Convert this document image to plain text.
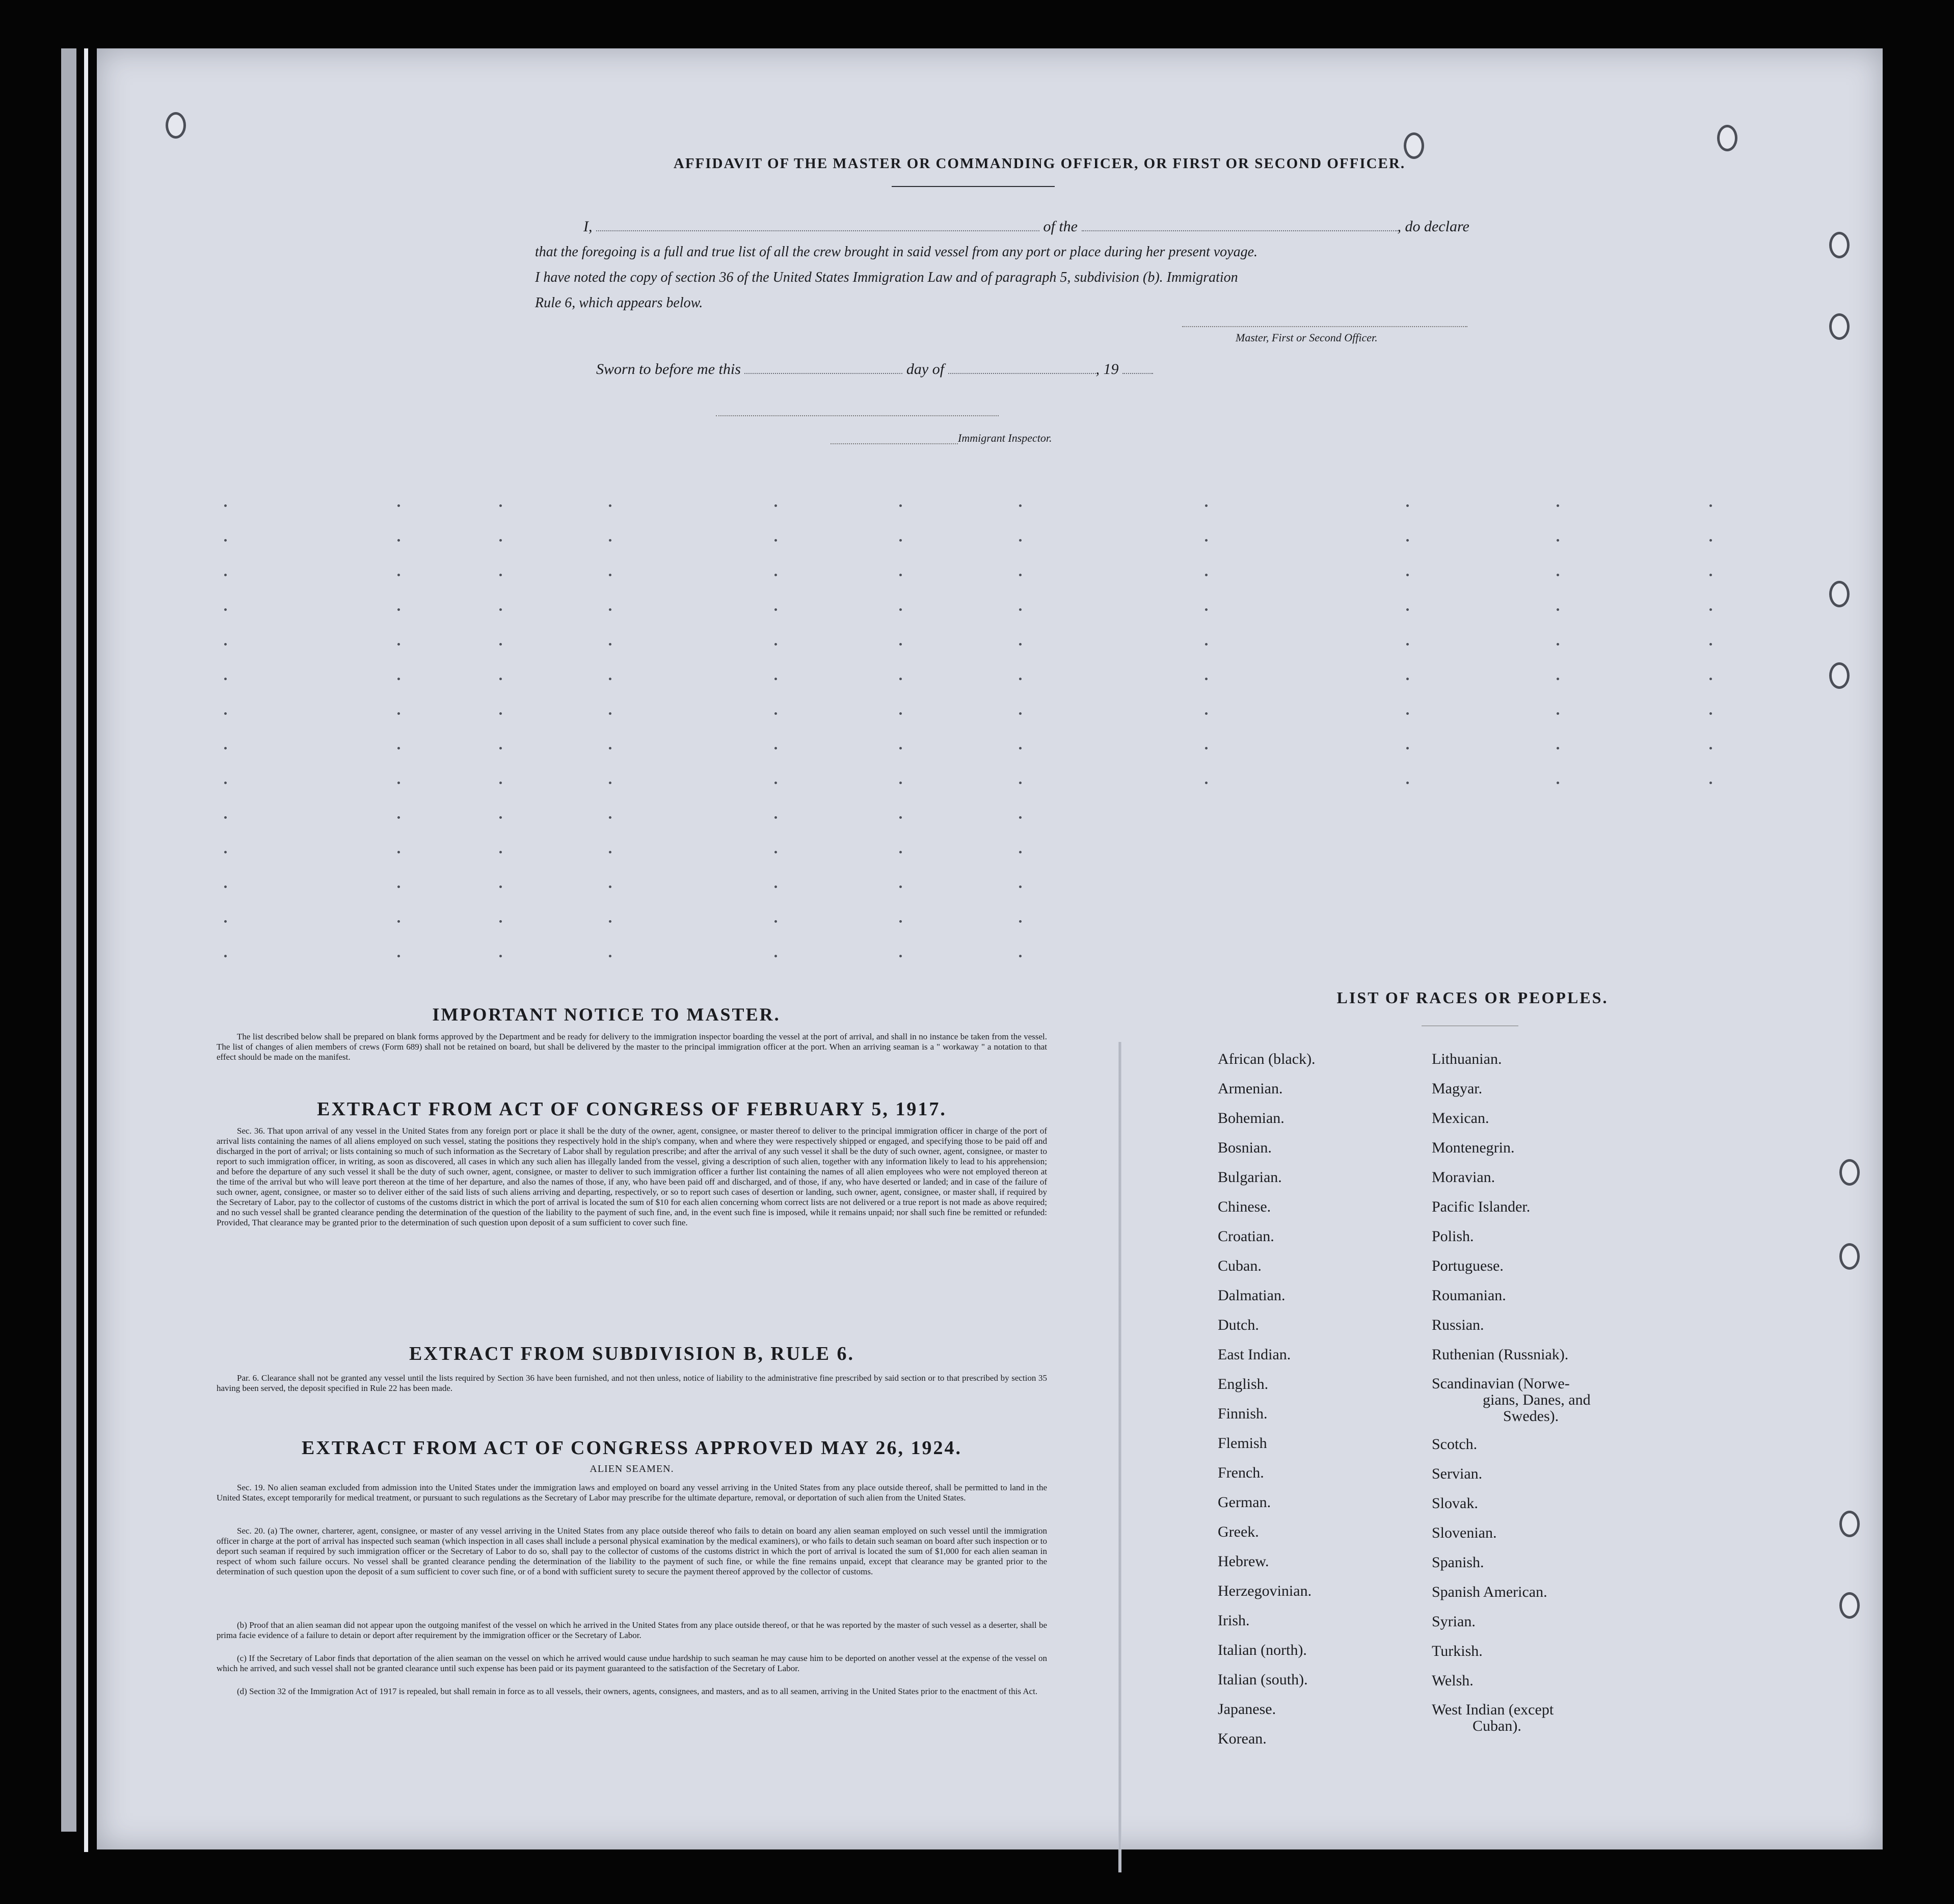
AFFIDAVIT OF THE MASTER OR COMMANDING OFFICER, OR FIRST OR SECOND OFFICER.
I,	of the	, do declare
that the foregoing is a full and true list of all the crew brought in said vessel from any port or place during her present voyage.
I have noted the copy of section 36 of the United States Immigration Law and of paragraph 5, subdivision (b). Immigration
Rule 6, which appears below.
Master, First or Second Officer.
Sworn to before me this	day of	, 19
Immigrant Inspector.
IMPORTANT NOTICE TO MASTER.
The list described below shall be prepared on blank forms approved by the Department and be ready for delivery to the immigration inspector boarding the vessel at the port of arrival, and shall in no instance be taken from the vessel. The list of changes of alien members of crews (Form 689) shall not be retained on board, but shall be delivered by the master to the principal immigration officer at the port. When an arriving seaman is a " workaway " a notation to that effect should be made on the manifest.
EXTRACT FROM ACT OF CONGRESS OF FEBRUARY 5, 1917.
Sec. 36. That upon arrival of any vessel in the United States from any foreign port or place it shall be the duty of the owner, agent, consignee, or master thereof to deliver to the principal immigration officer in charge of the port of arrival lists containing the names of all aliens employed on such vessel, stating the positions they respectively hold in the ship's company, when and where they were respectively shipped or engaged, and specifying those to be paid off and discharged in the port of arrival; or lists containing so much of such information as the Secretary of Labor shall by regulation prescribe; and after the arrival of any such vessel it shall be the duty of such owner, agent, consignee, or master to report to such immigration officer, in writing, as soon as discovered, all cases in which any such alien has illegally landed from the vessel, giving a description of such alien, together with any information likely to lead to his apprehension; and before the departure of any such vessel it shall be the duty of such owner, agent, consignee, or master to deliver to such immigration officer a further list containing the names of all alien employees who were not employed thereon at the time of the arrival but who will leave port thereon at the time of her departure, and also the names of those, if any, who have been paid off and discharged, and of those, if any, who have deserted or landed; and in case of the failure of such owner, agent, consignee, or master so to deliver either of the said lists of such aliens arriving and departing, respectively, or so to report such cases of desertion or landing, such owner, agent, consignee, or master shall, if required by the Secretary of Labor, pay to the collector of customs of the customs district in which the port of arrival is located the sum of $10 for each alien concerning whom correct lists are not delivered or a true report is not made as above required; and no such vessel shall be granted clearance pending the determination of the question of the liability to the payment of such fine, and, in the event such fine is imposed, while it remains unpaid; nor shall such fine be remitted or refunded: Provided, That clearance may be granted prior to the determination of such question upon deposit of a sum sufficient to cover such fine.
EXTRACT FROM SUBDIVISION B, RULE 6.
Par. 6. Clearance shall not be granted any vessel until the lists required by Section 36 have been furnished, and not then unless, notice of liability to the administrative fine prescribed by said section or to that prescribed by section 35 having been served, the deposit specified in Rule 22 has been made.
EXTRACT FROM ACT OF CONGRESS APPROVED MAY 26, 1924.
ALIEN SEAMEN.
Sec. 19. No alien seaman excluded from admission into the United States under the immigration laws and employed on board any vessel arriving in the United States from any place outside thereof, shall be permitted to land in the United States, except temporarily for medical treatment, or pursuant to such regulations as the Secretary of Labor may prescribe for the ultimate departure, removal, or deportation of such alien from the United States.
Sec. 20. (a) The owner, charterer, agent, consignee, or master of any vessel arriving in the United States from any place outside thereof who fails to detain on board any alien seaman employed on such vessel until the immigration officer in charge at the port of arrival has inspected such seaman (which inspection in all cases shall include a personal physical examination by the medical examiners), or who fails to detain such seaman on board after such inspection or to deport such seaman if required by such immigration officer or the Secretary of Labor to do so, shall pay to the collector of customs of the customs district in which the port of arrival is located the sum of $1,000 for each alien seaman in respect of whom such failure occurs. No vessel shall be granted clearance pending the determination of the liability to the payment of such fine, or while the fine remains unpaid, except that clearance may be granted prior to the determination of such question upon the deposit of a sum sufficient to cover such fine, or of a bond with sufficient surety to secure the payment thereof approved by the collector of customs.
(b) Proof that an alien seaman did not appear upon the outgoing manifest of the vessel on which he arrived in the United States from any place outside thereof, or that he was reported by the master of such vessel as a deserter, shall be prima facie evidence of a failure to detain or deport after requirement by the immigration officer or the Secretary of Labor.
(c) If the Secretary of Labor finds that deportation of the alien seaman on the vessel on which he arrived would cause undue hardship to such seaman he may cause him to be deported on another vessel at the expense of the vessel on which he arrived, and such vessel shall not be granted clearance until such expense has been paid or its payment guaranteed to the satisfaction of the Secretary of Labor.
(d) Section 32 of the Immigration Act of 1917 is repealed, but shall remain in force as to all vessels, their owners, agents, consignees, and masters, and as to all seamen, arriving in the United States prior to the enactment of this Act.
LIST OF RACES OR PEOPLES.
African (black).
Armenian.
Bohemian.
Bosnian.
Bulgarian.
Chinese.
Croatian.
Cuban.
Dalmatian.
Dutch.
East Indian.
English.
Finnish.
Flemish
French.
German.
Greek.
Hebrew.
Herzegovinian.
Irish.
Italian (north).
Italian (south).
Japanese.
Korean.
Lithuanian.
Magyar.
Mexican.
Montenegrin.
Moravian.
Pacific Islander.
Polish.
Portuguese.
Roumanian.
Russian.
Ruthenian (Russniak).
Scandinavian (Norwe-
gians, Danes, and
Swedes).
Scotch.
Servian.
Slovak.
Slovenian.
Spanish.
Spanish American.
Syrian.
Turkish.
Welsh.
West Indian (except
Cuban).
